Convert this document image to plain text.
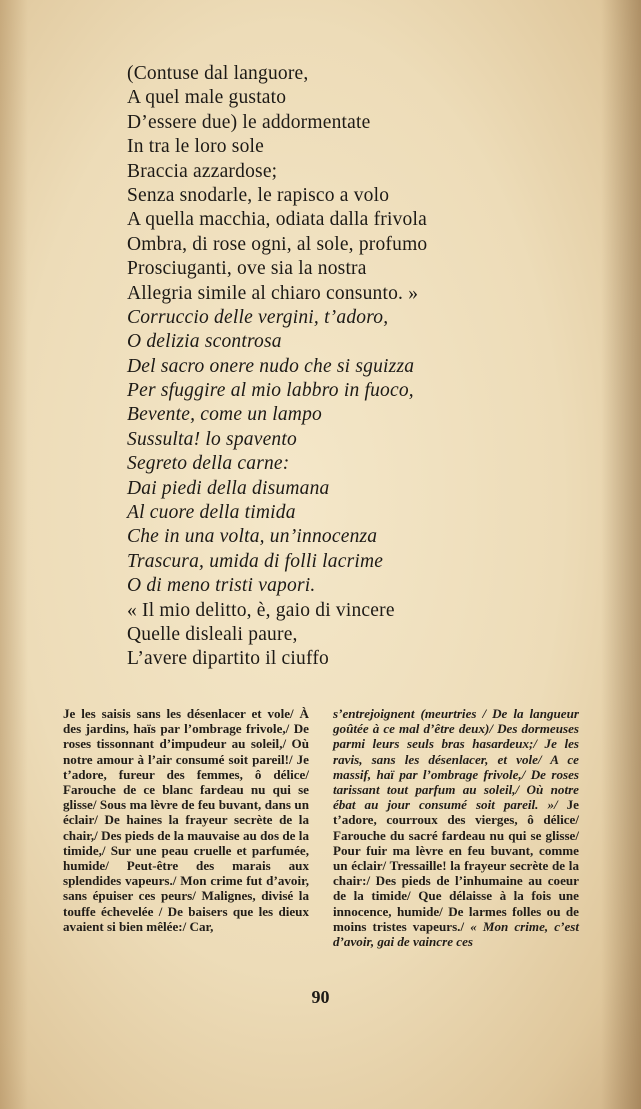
(Contuse dal languore,
A quel male gustato
D’essere due) le addormentate
In tra le loro sole
Braccia azzardose;
Senza snodarle, le rapisco a volo
A quella macchia, odiata dalla frivola
Ombra, di rose ogni, al sole, profumo
Prosciuganti, ove sia la nostra
Allegria simile al chiaro consunto. »
Corruccio delle vergini, t’adoro,
O delizia scontrosa
Del sacro onere nudo che si sguizza
Per sfuggire al mio labbro in fuoco,
Bevente, come un lampo
Sussulta! lo spavento
Segreto della carne:
Dai piedi della disumana
Al cuore della timida
Che in una volta, un’innocenza
Trascura, umida di folli lacrime
O di meno tristi vapori.
« Il mio delitto, è, gaio di vincere
Quelle disleali paure,
L’avere dipartito il ciuffo
Je les saisis sans les désenlacer et vole/ À des jardins, haïs par l’ombrage frivole,/ De roses tissonnant d’impudeur au soleil,/ Où notre amour à l’air consumé soit pareil!/ Je t’adore, fureur des femmes, ô délice/ Farouche de ce blanc fardeau nu qui se glisse/ Sous ma lèvre de feu buvant, dans un éclair/ De haines la frayeur secrète de la chair,/ Des pieds de la mauvaise au dos de la timide,/ Sur une peau cruelle et parfumée, humide/ Peut-être des marais aux splendides vapeurs./ Mon crime fut d’avoir, sans épuiser ces peurs/ Malignes, divisé la touffe échevelée / De baisers que les dieux avaient si bien mêlée:/ Car,
s’entrejoignent (meurtries / De la langueur goûtée à ce mal d’être deux)/ Des dormeuses parmi leurs seuls bras hasardeux;/ Je les ravis, sans les désenlacer, et vole/ A ce massif, haï par l’ombrage frivole,/ De roses tarissant tout parfum au soleil,/ Où notre ébat au jour consumé soit pareil. »/ Je t’adore, courroux des vierges, ô délice/ Farouche du sacré fardeau nu qui se glisse/ Pour fuir ma lèvre en feu buvant, comme un éclair/ Tressaille! la frayeur secrète de la chair:/ Des pieds de l’inhumaine au coeur de la timide/ Que délaisse à la fois une innocence, humide/ De larmes folles ou de moins tristes vapeurs./ « Mon crime, c’est d’avoir, gai de vaincre ces
90
